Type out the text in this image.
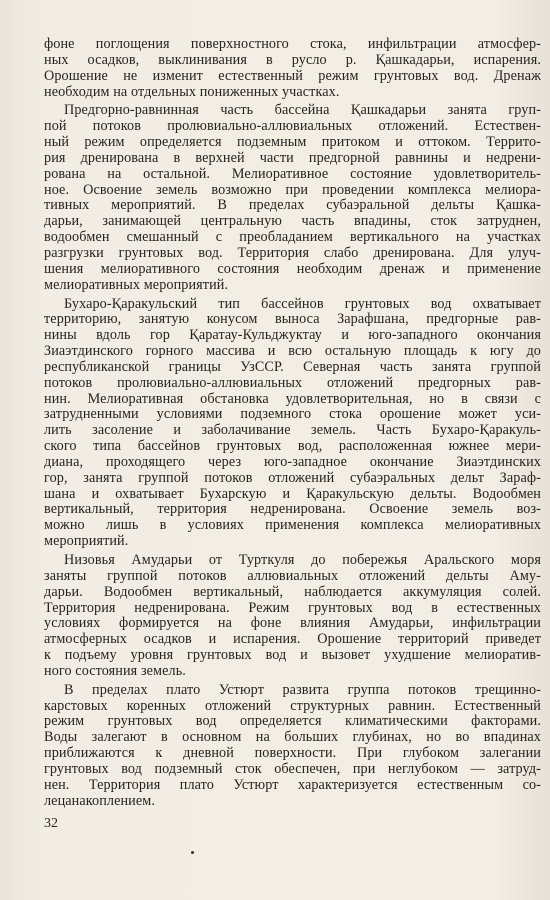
фоне поглощения поверхностного стока, инфильтрации атмосфер-
ных осадков, выклинивания в русло р. Қашкадарьи, испарения.
Орошение не изменит естественный режим грунтовых вод. Дренаж
необходим на отдельных пониженных участках.
Предгорно-равнинная часть бассейна Қашкадарьи занята груп-
пой потоков пролювиально-аллювиальных отложений. Естествен-
ный режим определяется подземным притоком и оттоком. Террито-
рия дренирована в верхней части предгорной равнины и недрени-
рована на остальной. Мелиоративное состояние удовлетворитель-
ное. Освоение земель возможно при проведении комплекса мелиора-
тивных мероприятий. В пределах субаэральной дельты Қашка-
дарьи, занимающей центральную часть впадины, сток затруднен,
водообмен смешанный с преобладанием вертикального на участках
разгрузки грунтовых вод. Территория слабо дренирована. Для улуч-
шения мелиоративного состояния необходим дренаж и применение
мелиоративных мероприятий.
Бухаро-Қаракульский тип бассейнов грунтовых вод охватывает
территорию, занятую конусом выноса Зарафшана, предгорные рав-
нины вдоль гор Қаратау-Кульджуктау и юго-западного окончания
Зиаэтдинского горного массива и всю остальную площадь к югу до
республиканской границы УзССР. Северная часть занята группой
потоков пролювиально-аллювиальных отложений предгорных рав-
нин. Мелиоративная обстановка удовлетворительная, но в связи с
затрудненными условиями подземного стока орошение может уси-
лить засоление и заболачивание земель. Часть Бухаро-Қаракуль-
ского типа бассейнов грунтовых вод, расположенная южнее мери-
диана, проходящего через юго-западное окончание Зиаэтдинских
гор, занята группой потоков отложений субаэральных дельт Зараф-
шана и охватывает Бухарскую и Қаракульскую дельты. Водообмен
вертикальный, территория недренирована. Освоение земель воз-
можно лишь в условиях применения комплекса мелиоративных
мероприятий.
Низовья Амударьи от Турткуля до побережья Аральского моря
заняты группой потоков аллювиальных отложений дельты Аму-
дарьи. Водообмен вертикальный, наблюдается аккумуляция солей.
Территория недренирована. Режим грунтовых вод в естественных
условиях формируется на фоне влияния Амударьи, инфильтрации
атмосферных осадков и испарения. Орошение территорий приведет
к подъему уровня грунтовых вод и вызовет ухудшение мелиоратив-
ного состояния земель.
В пределах плато Устюрт развита группа потоков трещинно-
карстовых коренных отложений структурных равнин. Естественный
режим грунтовых вод определяется климатическими факторами.
Воды залегают в основном на больших глубинах, но во впадинах
приближаются к дневной поверхности. При глубоком залегании
грунтовых вод подземный сток обеспечен, при неглубоком — затруд-
нен. Территория плато Устюрт характеризуется естественным со-
лецанакоплением.
32
